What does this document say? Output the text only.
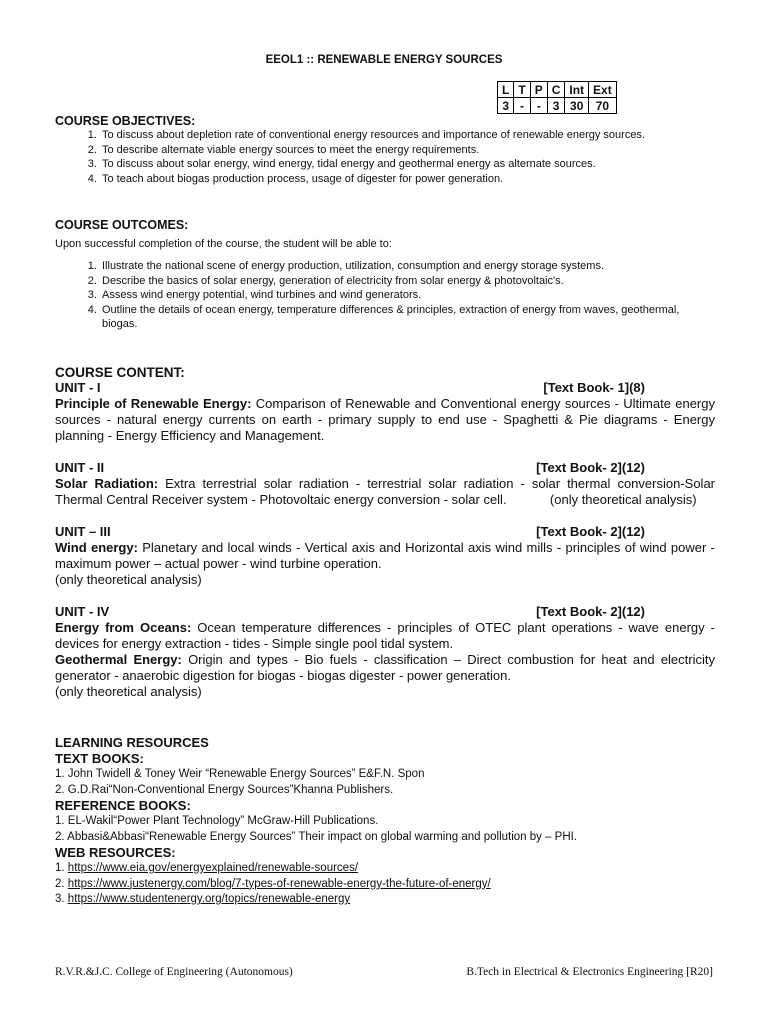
EEOL1 :: RENEWABLE ENERGY SOURCES
L	T	P	C	Int	Ext
3	-	-	3	30	70
COURSE OBJECTIVES:
1. To discuss about depletion rate of conventional energy resources and importance of renewable energy sources.
2. To describe alternate viable energy sources to meet the energy requirements.
3. To discuss about solar energy, wind energy, tidal energy and geothermal energy as alternate sources.
4. To teach about biogas production process, usage of digester for power generation.
COURSE OUTCOMES:
Upon successful completion of the course, the student will be able to:
1. Illustrate the national scene of energy production, utilization, consumption and energy storage systems.
2. Describe the basics of solar energy, generation of electricity from solar energy & photovoltaic's.
3. Assess wind energy potential, wind turbines and wind generators.
4. Outline the details of ocean energy, temperature differences & principles, extraction of energy from waves, geothermal, biogas.
COURSE CONTENT:
UNIT - I	[Text Book- 1](8)
Principle of Renewable Energy: Comparison of Renewable and Conventional energy sources - Ultimate energy sources - natural energy currents on earth - primary supply to end use - Spaghetti & Pie diagrams - Energy planning - Energy Efficiency and Management.
UNIT - II	[Text Book- 2](12)
Solar Radiation: Extra terrestrial solar radiation - terrestrial solar radiation - solar thermal conversion-Solar Thermal Central Receiver system - Photovoltaic energy conversion - solar cell.            (only theoretical analysis)
UNIT – III	[Text Book- 2](12)
Wind energy: Planetary and local winds - Vertical axis and Horizontal axis wind mills - principles of wind power - maximum power – actual power - wind turbine operation.
(only theoretical analysis)
UNIT - IV	[Text Book- 2](12)
Energy from Oceans: Ocean temperature differences - principles of OTEC plant operations - wave energy - devices for energy extraction - tides - Simple single pool tidal system.
Geothermal Energy: Origin and types - Bio fuels - classification – Direct combustion for heat and electricity generator - anaerobic digestion for biogas - biogas digester - power generation.
(only theoretical analysis)
LEARNING RESOURCES
TEXT BOOKS:
1. John Twidell & Toney Weir “Renewable Energy Sources” E&F.N. Spon
2. G.D.Rai“Non-Conventional Energy Sources”Khanna Publishers.
REFERENCE BOOKS:
1. EL-Wakil“Power Plant Technology” McGraw-Hill Publications.
2. Abbasi&Abbasi“Renewable Energy Sources” Their impact on global warming and pollution by – PHI.
WEB RESOURCES:
1. https://www.eia.gov/energyexplained/renewable-sources/
2. https://www.justenergy.com/blog/7-types-of-renewable-energy-the-future-of-energy/
3. https://www.studentenergy.org/topics/renewable-energy
R.V.R.&J.C. College of Engineering (Autonomous)	B.Tech in Electrical & Electronics Engineering [R20]
